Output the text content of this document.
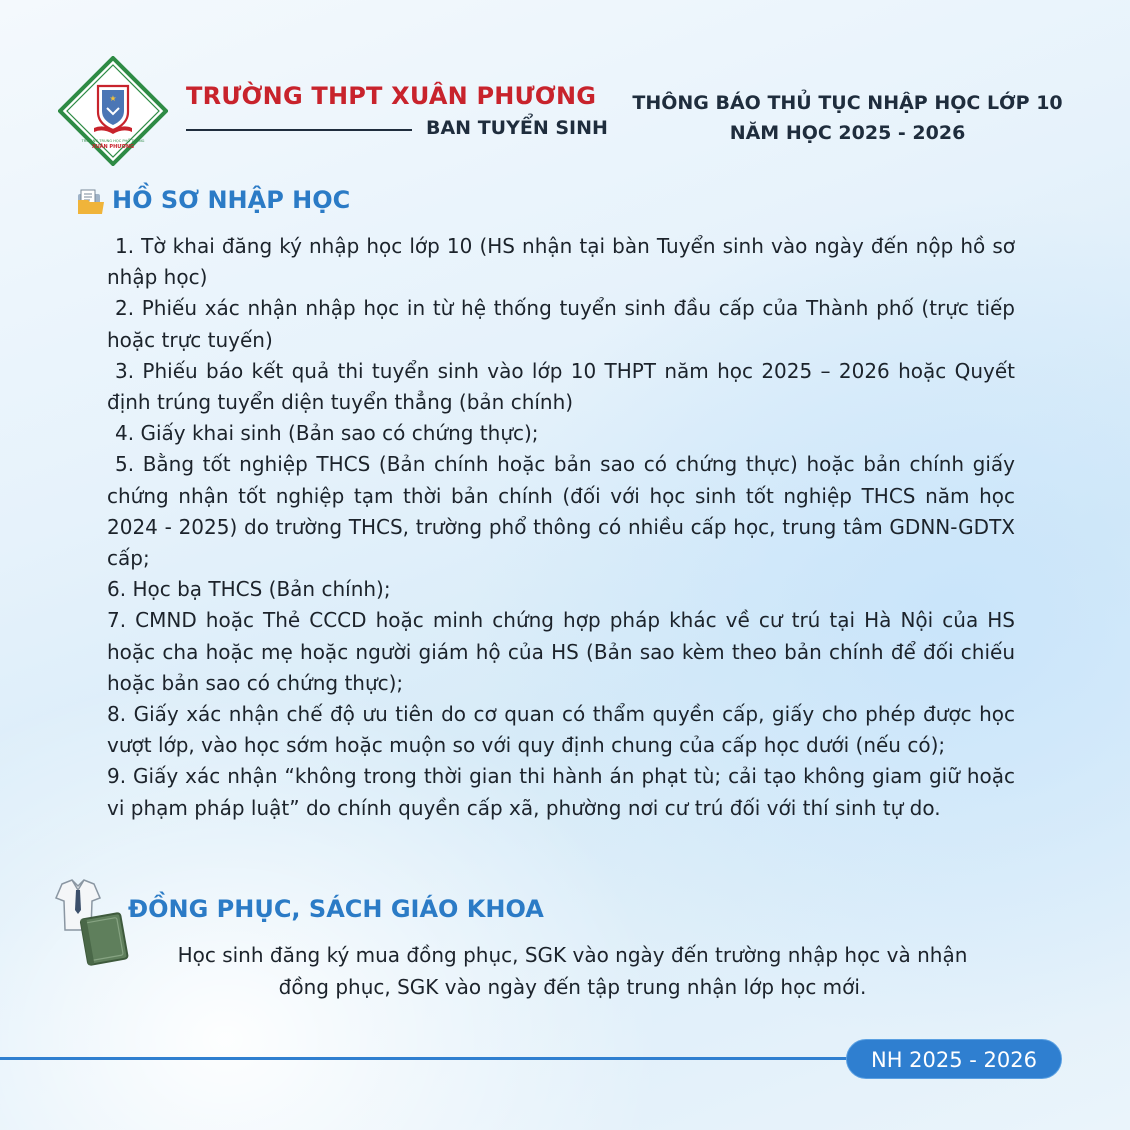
★
TRƯỜNG TRUNG HỌC PHỔ THÔNG
XUÂN PHƯƠNG
TRƯỜNG THPT XUÂN PHƯƠNG
BAN TUYỂN SINH
THÔNG BÁO THỦ TỤC NHẬP HỌC LỚP 10
NĂM HỌC 2025 - 2026
HỒ SƠ NHẬP HỌC
1. Tờ khai đăng ký nhập học lớp 10 (HS nhận tại bàn Tuyển sinh vào ngày đến nộp hồ sơ nhập học)
2. Phiếu xác nhận nhập học in từ hệ thống tuyển sinh đầu cấp của Thành phố (trực tiếp hoặc trực tuyến)
3. Phiếu báo kết quả thi tuyển sinh vào lớp 10 THPT năm học 2025 – 2026 hoặc Quyết định trúng tuyển diện tuyển thẳng (bản chính)
4. Giấy khai sinh (Bản sao có chứng thực);
5. Bằng tốt nghiệp THCS (Bản chính hoặc bản sao có chứng thực) hoặc bản chính giấy chứng nhận tốt nghiệp tạm thời bản chính (đối với học sinh tốt nghiệp THCS năm học 2024 - 2025) do trường THCS, trường phổ thông có nhiều cấp học, trung tâm GDNN-GDTX cấp;
6. Học bạ THCS (Bản chính);
7. CMND hoặc Thẻ CCCD hoặc minh chứng hợp pháp khác về cư trú tại Hà Nội của HS hoặc cha hoặc mẹ hoặc người giám hộ của HS (Bản sao kèm theo bản chính để đối chiếu hoặc bản sao có chứng thực);
8. Giấy xác nhận chế độ ưu tiên do cơ quan có thẩm quyền cấp, giấy cho phép được học vượt lớp, vào học sớm hoặc muộn so với quy định chung của cấp học dưới (nếu có);
9. Giấy xác nhận “không trong thời gian thi hành án phạt tù; cải tạo không giam giữ hoặc vi phạm pháp luật” do chính quyền cấp xã, phường nơi cư trú đối với thí sinh tự do.
ĐỒNG PHỤC, SÁCH GIÁO KHOA
Học sinh đăng ký mua đồng phục, SGK vào ngày đến trường nhập học và nhận
đồng phục, SGK vào ngày đến tập trung nhận lớp học mới.
NH 2025 - 2026
